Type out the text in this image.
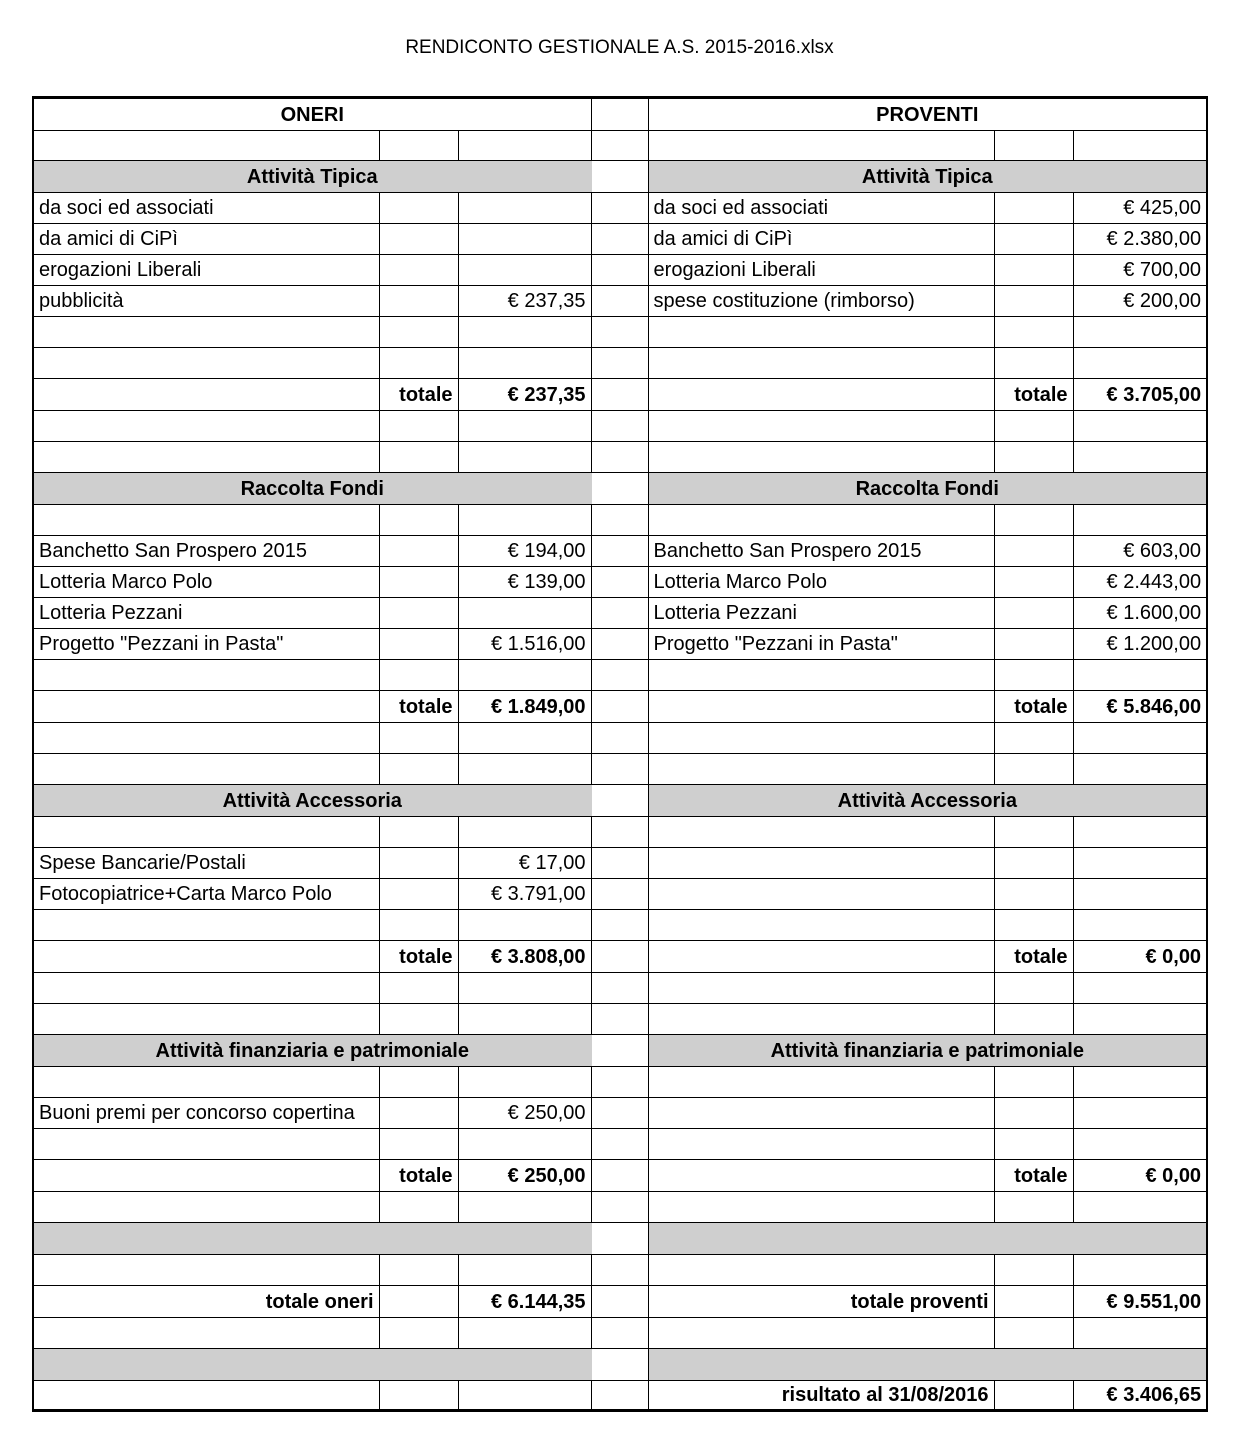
RENDICONTO GESTIONALE A.S. 2015-2016.xlsx
ONERI				PROVENTI		

Attività Tipica				Attività Tipica		
da soci ed associati				da soci ed associati		€ 425,00
da amici di CiPì				da amici di CiPì		€ 2.380,00
erogazioni Liberali				erogazioni Liberali		€ 700,00
pubblicità		€ 237,35		spese costituzione (rimborso)		€ 200,00

	totale	€ 237,35			totale	€ 3.705,00

Raccolta Fondi				Raccolta Fondi		

Banchetto San Prospero 2015		€ 194,00		Banchetto San Prospero 2015		€ 603,00
Lotteria Marco Polo		€ 139,00		Lotteria Marco Polo		€ 2.443,00
Lotteria Pezzani				Lotteria Pezzani		€ 1.600,00
Progetto "Pezzani in Pasta"		€ 1.516,00		Progetto "Pezzani in Pasta"		€ 1.200,00

	totale	€ 1.849,00			totale	€ 5.846,00

Attività Accessoria				Attività Accessoria		

Spese Bancarie/Postali		€ 17,00				
Fotocopiatrice+Carta Marco Polo		€ 3.791,00				

	totale	€ 3.808,00			totale	€ 0,00

Attività finanziaria e patrimoniale				Attività finanziaria e patrimoniale		

Buoni premi per concorso copertina		€ 250,00				

	totale	€ 250,00			totale	€ 0,00

totale oneri		€ 6.144,35		totale proventi		€ 9.551,00

				risultato al 31/08/2016		€ 3.406,65
